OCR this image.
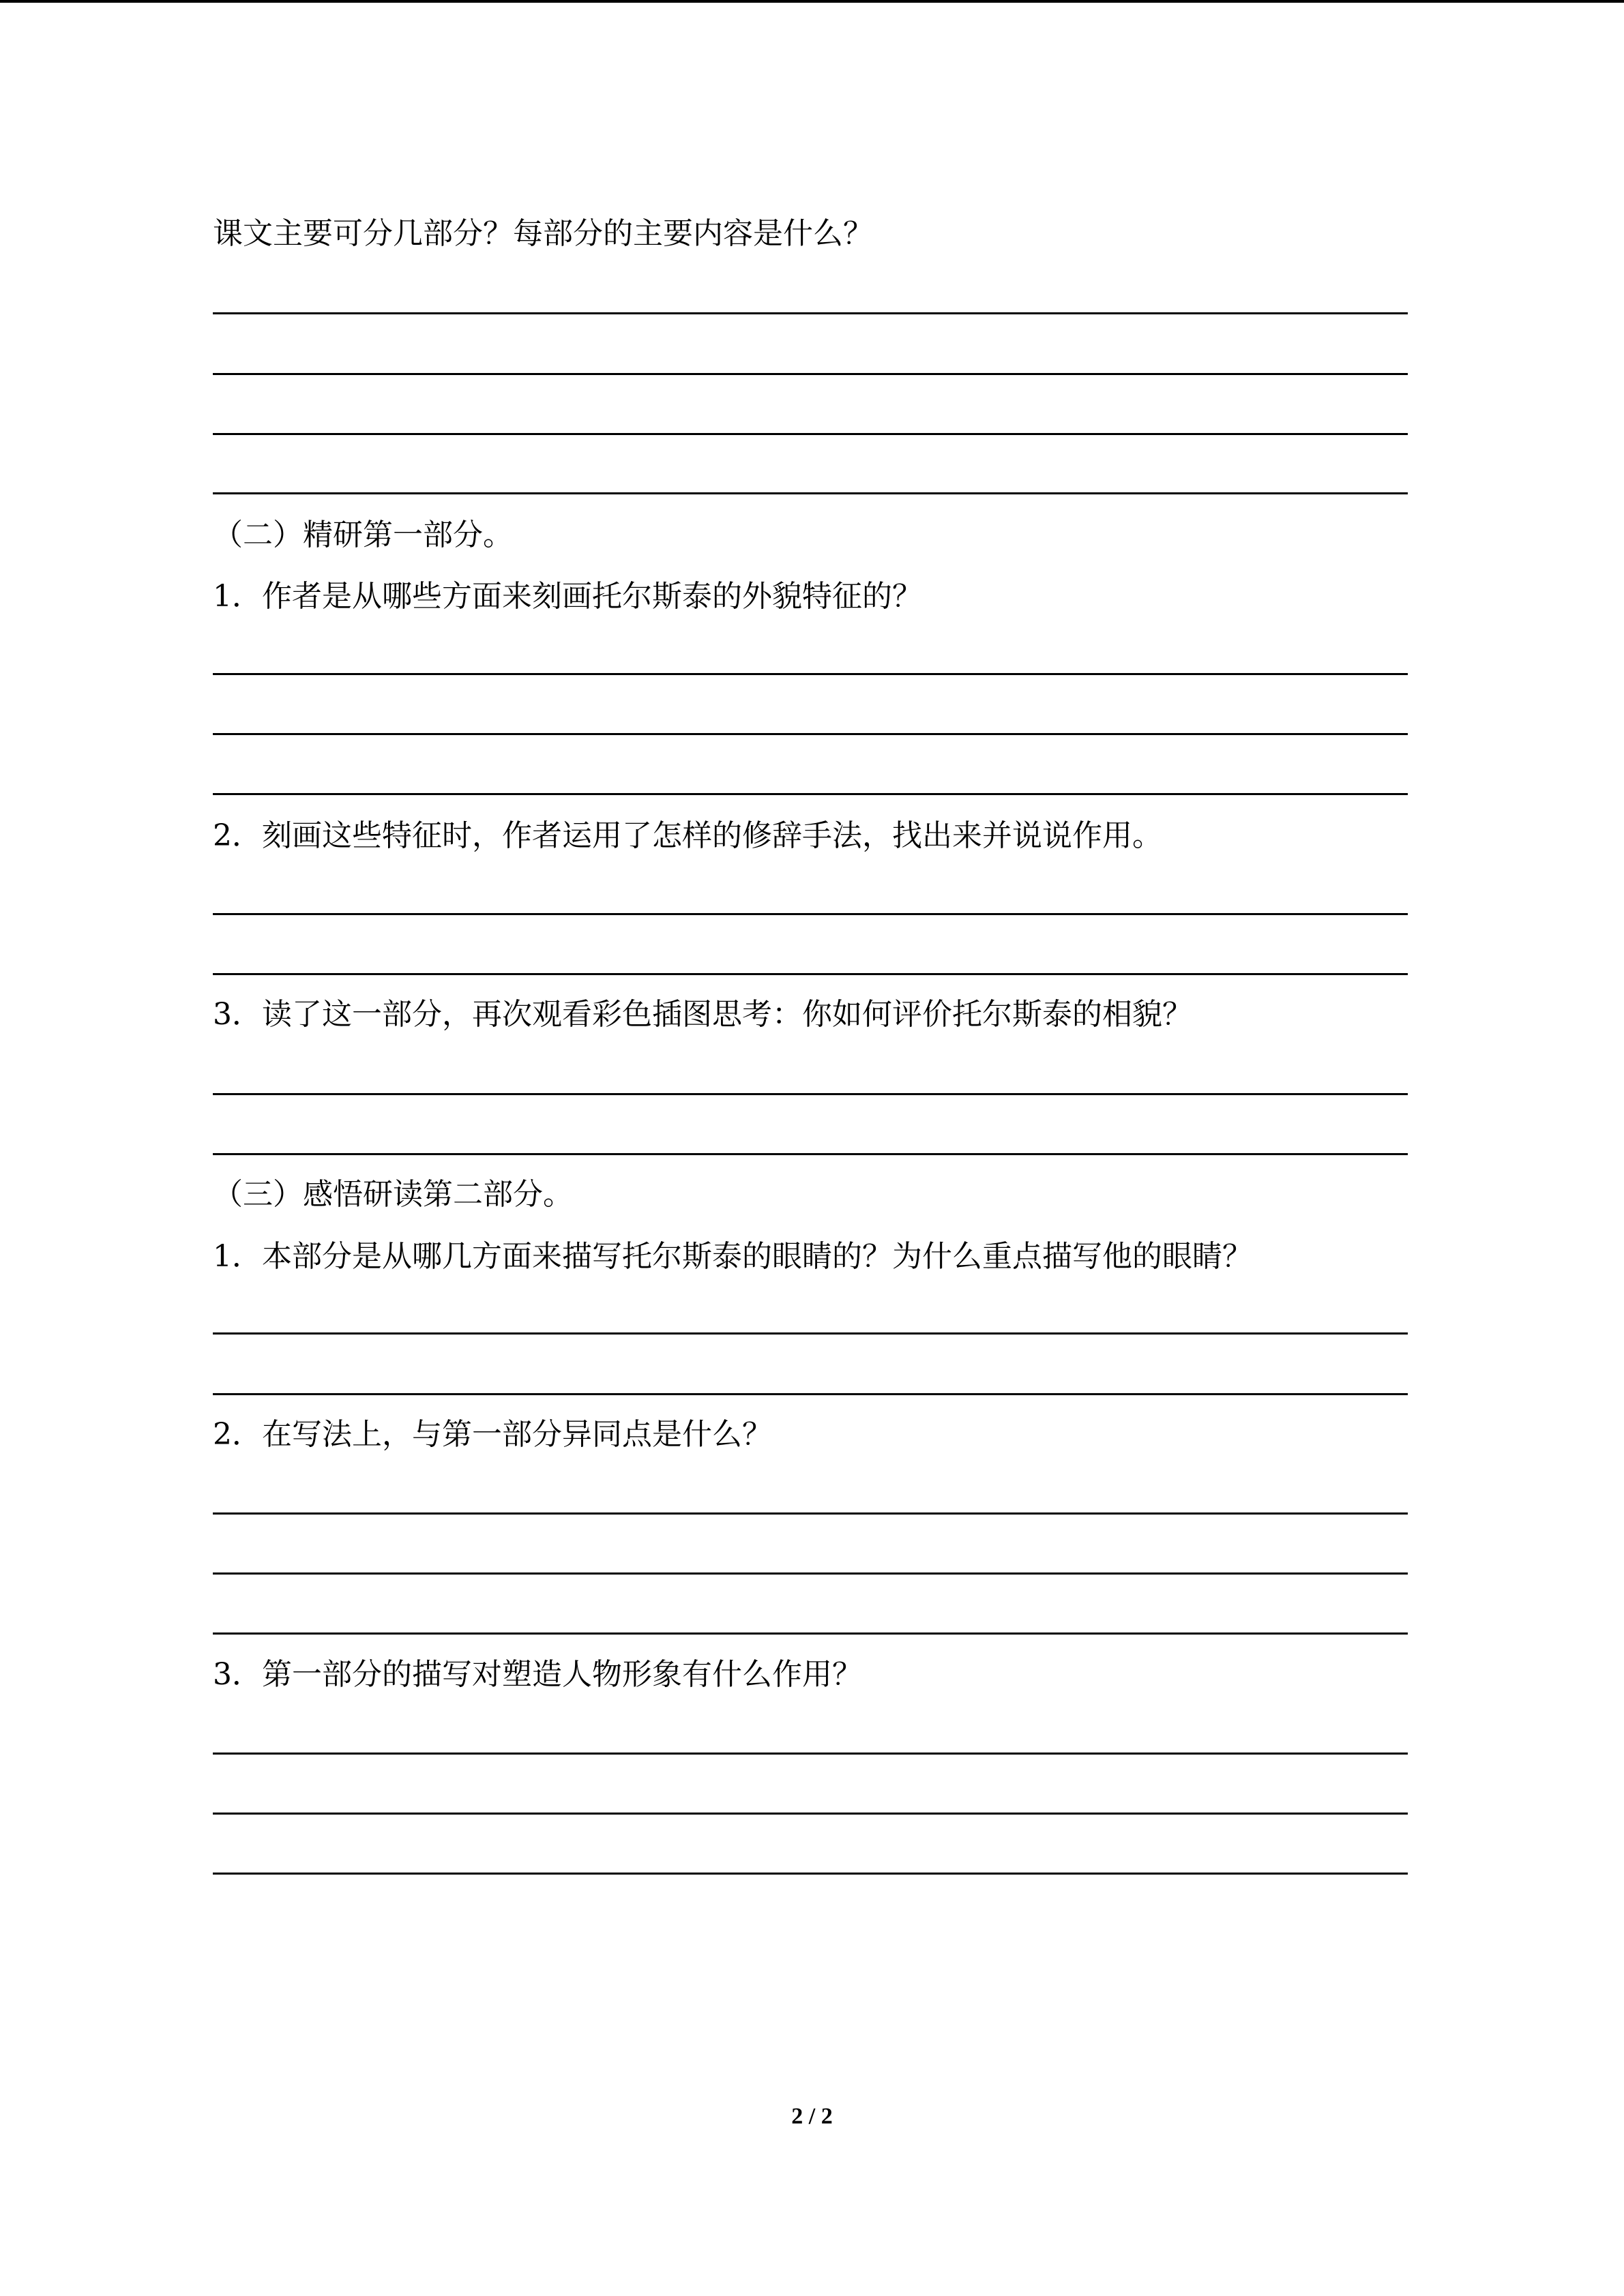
课文主要可分几部分？每部分的主要内容是什么？
（二）精研第一部分。
1．作者是从哪些方面来刻画托尔斯泰的外貌特征的？
2．刻画这些特征时，作者运用了怎样的修辞手法，找出来并说说作用。
3．读了这一部分，再次观看彩色插图思考：你如何评价托尔斯泰的相貌？
（三）感悟研读第二部分。
1．本部分是从哪几方面来描写托尔斯泰的眼睛的？为什么重点描写他的眼睛？
2．在写法上，与第一部分异同点是什么？
3．第一部分的描写对塑造人物形象有什么作用？
2 / 2
